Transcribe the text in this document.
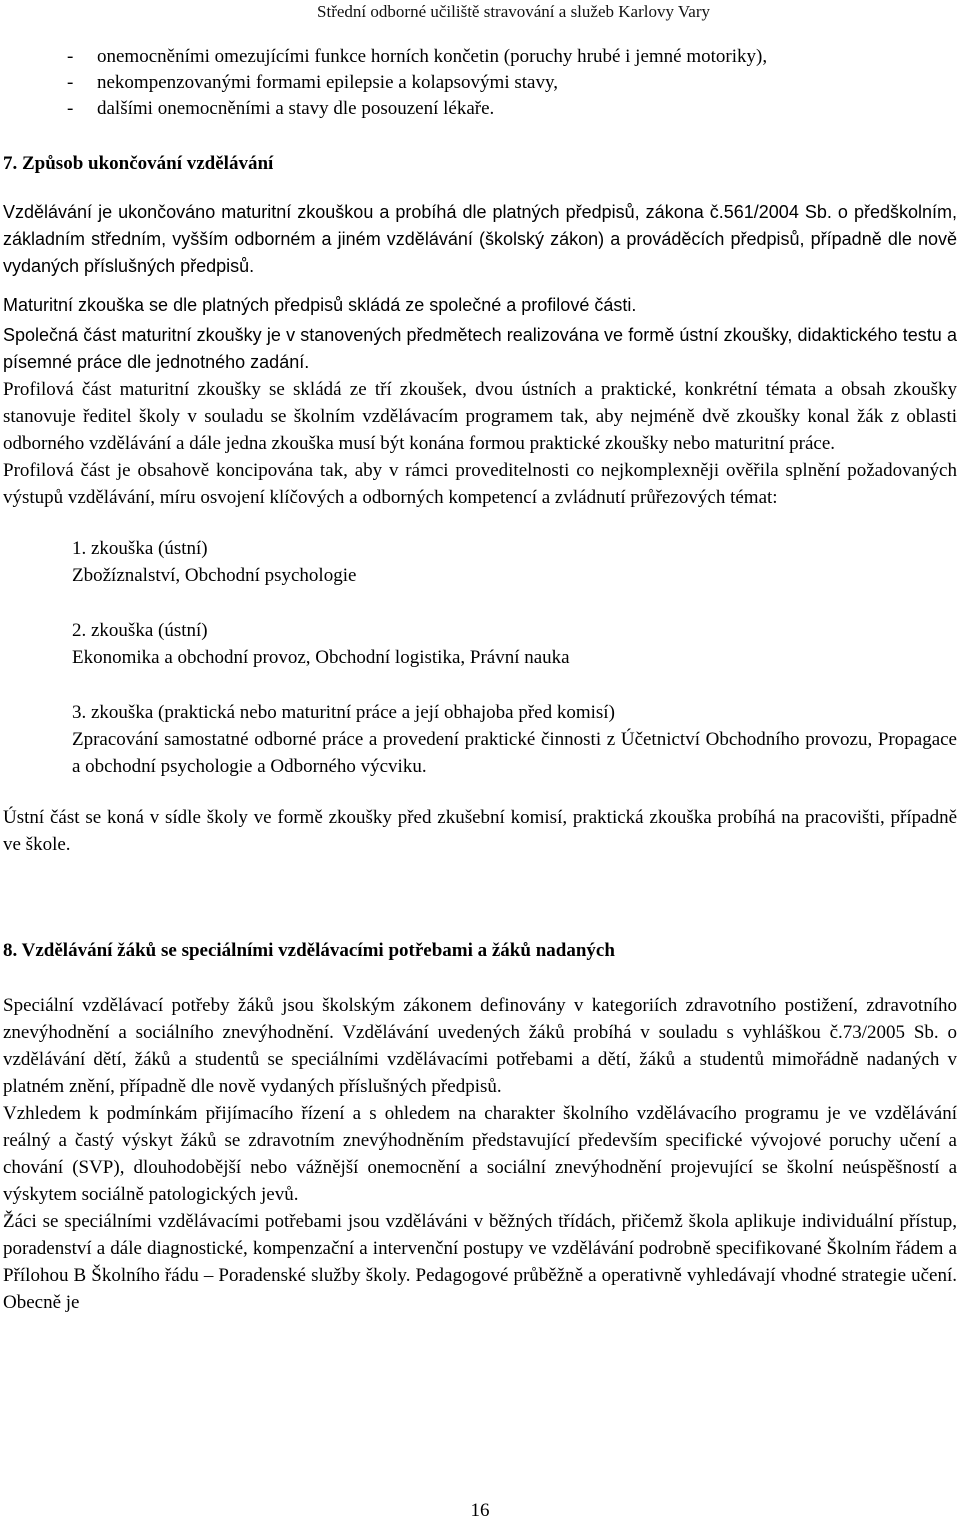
Střední odborné učiliště stravování a služeb Karlovy Vary
- onemocněními omezujícími funkce horních končetin (poruchy hrubé i jemné motoriky),
- nekompenzovanými formami epilepsie a kolapsovými stavy,
- dalšími onemocněními a stavy dle posouzení lékaře.
7. Způsob ukončování vzdělávání

Vzdělávání je ukončováno maturitní zkouškou a probíhá dle platných předpisů, zákona č.561/2004 Sb. o předškolním, základním středním, vyšším odborném a jiném vzdělávání (školský zákon) a prováděcích předpisů, případně dle nově vydaných příslušných předpisů.

Maturitní zkouška se dle platných předpisů skládá ze společné a profilové části.

Společná část maturitní zkoušky je v stanovených předmětech realizována ve formě ústní zkoušky, didaktického testu a písemné práce dle jednotného zadání.

Profilová část maturitní zkoušky se skládá ze tří zkoušek, dvou ústních a praktické, konkrétní témata a obsah zkoušky stanovuje ředitel školy v souladu se školním vzdělávacím programem tak, aby nejméně dvě zkoušky konal žák z oblasti odborného vzdělávání a dále jedna zkouška musí být konána formou praktické zkoušky nebo maturitní práce.

Profilová část je obsahově koncipována tak, aby v rámci proveditelnosti co nejkomplexněji ověřila splnění požadovaných výstupů vzdělávání, míru osvojení klíčových a odborných kompetencí a zvládnutí průřezových témat:

1. zkouška (ústní)
Zbožíznalství, Obchodní psychologie
2. zkouška (ústní)
Ekonomika a obchodní provoz, Obchodní logistika, Právní nauka
3. zkouška (praktická nebo maturitní práce a její obhajoba před komisí)
Zpracování samostatné odborné práce a provedení praktické činnosti z Účetnictví Obchodního provozu, Propagace a obchodní psychologie a Odborného výcviku.

Ústní část se koná v sídle školy ve formě zkoušky před zkušební komisí, praktická zkouška probíhá na pracovišti, případně ve škole.

8. Vzdělávání žáků se speciálními vzdělávacími potřebami a žáků nadaných

Speciální vzdělávací potřeby žáků jsou školským zákonem definovány v kategoriích zdravotního postižení, zdravotního znevýhodnění a sociálního znevýhodnění. Vzdělávání uvedených žáků probíhá v souladu s vyhláškou č.73/2005 Sb. o vzdělávání dětí, žáků a studentů se speciálními vzdělávacími potřebami a dětí, žáků a studentů mimořádně nadaných v platném znění, případně dle nově vydaných příslušných předpisů.

Vzhledem k podmínkám přijímacího řízení a s ohledem na charakter školního vzdělávacího programu je ve vzdělávání reálný a častý výskyt žáků se zdravotním znevýhodněním představující především specifické vývojové poruchy učení a chování (SVP), dlouhodobější nebo vážnější onemocnění a sociální znevýhodnění projevující se školní neúspěšností a výskytem sociálně patologických jevů.

Žáci se speciálními vzdělávacími potřebami jsou vzděláváni v běžných třídách, přičemž škola aplikuje individuální přístup, poradenství a dále diagnostické, kompenzační a intervenční postupy ve vzdělávání podrobně specifikované Školním řádem a Přílohou B Školního řádu – Poradenské služby školy. Pedagogové průběžně a operativně vyhledávají vhodné strategie učení. Obecně je

16
